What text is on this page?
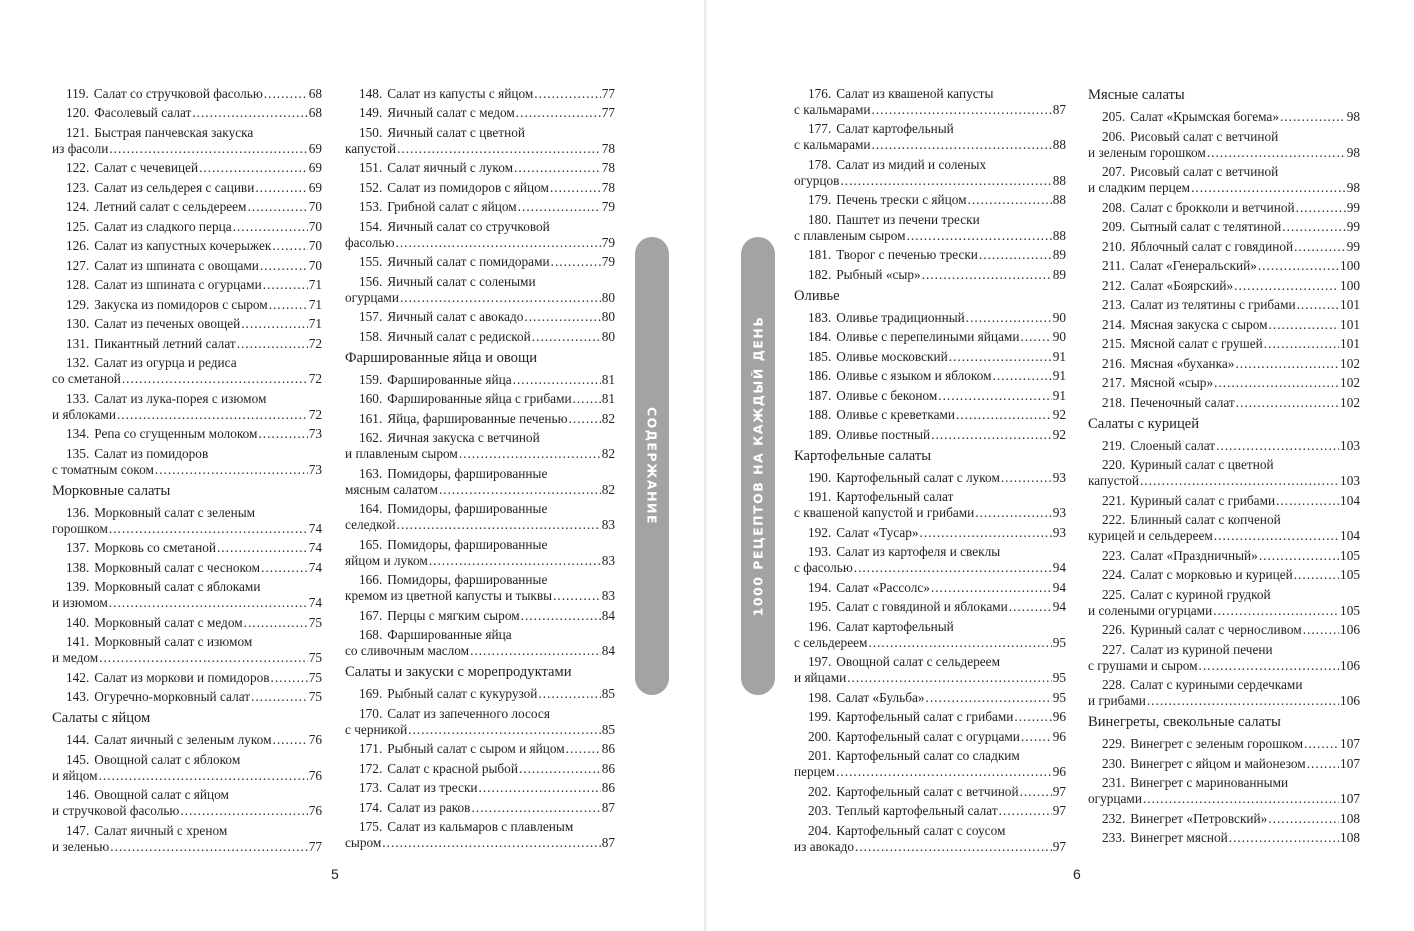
119. Салат со стручковой фасолью .....	68
120. Фасолевый салат .....	68
121. Быстрая панчевская закуска
из фасоли .....	69
122. Салат с чечевицей .....	69
123. Салат из сельдерея с сациви .....	69
124. Летний салат с сельдереем .....	70
125. Салат из сладкого перца .....	70
126. Салат из капустных кочерыжек .....	70
127. Салат из шпината с овощами .....	70
128. Салат из шпината с огурцами .....	71
129. Закуска из помидоров с сыром .....	71
130. Салат из печеных овощей .....	71
131. Пикантный летний салат .....	72
132. Салат из огурца и редиса
со сметаной .....	72
133. Салат из лука-порея с изюмом
и яблоками .....	72
134. Репа со сгущенным молоком .....	73
135. Салат из помидоров
с томатным соком .....	73
Морковные салаты
136. Морковный салат с зеленым
горошком .....	74
137. Морковь со сметаной .....	74
138. Морковный салат с чесноком .....	74
139. Морковный салат с яблоками
и изюмом .....	74
140. Морковный салат с медом .....	75
141. Морковный салат с изюмом
и медом .....	75
142. Салат из моркови и помидоров .....	75
143. Огуречно-морковный салат .....	75
Салаты с яйцом
144. Салат яичный с зеленым луком .....	76
145. Овощной салат с яблоком
и яйцом .....	76
146. Овощной салат с яйцом
и стручковой фасолью .....	76
147. Салат яичный с хреном
и зеленью .....	77
148. Салат из капусты с яйцом .....	77
149. Яичный салат с медом .....	77
150. Яичный салат с цветной
капустой .....	78
151. Салат яичный с луком .....	78
152. Салат из помидоров с яйцом .....	78
153. Грибной салат с яйцом .....	79
154. Яичный салат со стручковой
фасолью .....	79
155. Яичный салат с помидорами .....	79
156. Яичный салат с солеными
огурцами .....	80
157. Яичный салат с авокадо .....	80
158. Яичный салат с редиской .....	80
Фаршированные яйца и овощи
159. Фаршированные яйца .....	81
160. Фаршированные яйца с грибами ..... 81
161. Яйца, фаршированные печенью .....	82
162. Яичная закуска с ветчиной
и плавленым сыром .....	82
163. Помидоры, фаршированные
мясным салатом .....	82
164. Помидоры, фаршированные
селедкой .....	83
165. Помидоры, фаршированные
яйцом и луком .....	83
166. Помидоры, фаршированные
кремом из цветной капусты и тыквы .....	83
167. Перцы с мягким сыром .....	84
168. Фаршированные яйца
со сливочным маслом .....	84
Салаты и закуски с морепродуктами
169. Рыбный салат с кукурузой .....	85
170. Салат из запеченного лосося
с черникой .....	85
171. Рыбный салат с сыром и яйцом .....	86
172. Салат с красной рыбой .....	86
173. Салат из трески .....	86
174. Салат из раков .....	87
175. Салат из кальмаров с плавленым
сыром .....	87
5
СОДЕРЖАНИЕ	1000 РЕЦЕПТОВ НА КАЖДЫЙ ДЕНЬ
176. Салат из квашеной капусты
с кальмарами .....	87
177. Салат картофельный
с кальмарами .....	88
178. Салат из мидий и соленых
огурцов .....	88
179. Печень трески с яйцом .....	88
180. Паштет из печени трески
с плавленым сыром .....	88
181. Творог с печенью трески .....	89
182. Рыбный «сыр» .....	89
Оливье
183. Оливье традиционный .....	90
184. Оливье с перепелиными яйцами .....	90
185. Оливье московский .....	91
186. Оливье с языком и яблоком .....	91
187. Оливье с беконом .....	91
188. Оливье с креветками .....	92
189. Оливье постный .....	92
Картофельные салаты
190. Картофельный салат с луком .....	93
191. Картофельный салат
с квашеной капустой и грибами .....	93
192. Салат «Тусар» .....	93
193. Салат из картофеля и свеклы
с фасолью .....	94
194. Салат «Рассолс» .....	94
195. Салат с говядиной и яблоками .....	94
196. Салат картофельный
с сельдереем .....	95
197. Овощной салат с сельдереем
и яйцами .....	95
198. Салат «Бульба» .....	95
199. Картофельный салат с грибами .....	96
200. Картофельный салат с огурцами ..... 96
201. Картофельный салат со сладким
перцем .....	96
202. Картофельный салат с ветчиной .....	97
203. Теплый картофельный салат .....	97
204. Картофельный салат с соусом
из авокадо .....	97
Мясные салаты
205. Салат «Крымская богема» .....	98
206. Рисовый салат с ветчиной
и зеленым горошком .....	98
207. Рисовый салат с ветчиной
и сладким перцем .....	98
208. Салат с брокколи и ветчиной .....	99
209. Сытный салат с телятиной .....	99
210. Яблочный салат с говядиной .....	99
211. Салат «Генеральский» .....	100
212. Салат «Боярский» .....	100
213. Салат из телятины с грибами .....	101
214. Мясная закуска с сыром .....	101
215. Мясной салат с грушей .....	101
216. Мясная «буханка» .....	102
217. Мясной «сыр» .....	102
218. Печеночный салат .....	102
Салаты с курицей
219. Слоеный салат .....	103
220. Куриный салат с цветной
капустой .....	103
221. Куриный салат с грибами .....	104
222. Блинный салат с копченой
курицей и сельдереем .....	104
223. Салат «Праздничный» .....	105
224. Салат с морковью и курицей .....	105
225. Салат с куриной грудкой
и солеными огурцами .....	105
226. Куриный салат с черносливом .....	106
227. Салат из куриной печени
с грушами и сыром .....	106
228. Салат с куриными сердечками
и грибами .....	106
Винегреты, свекольные салаты
229. Винегрет с зеленым горошком .....	107
230. Винегрет с яйцом и майонезом .....	107
231. Винегрет с маринованными
огурцами .....	107
232. Винегрет «Петровский» .....	108
233. Винегрет мясной .....	108
6
